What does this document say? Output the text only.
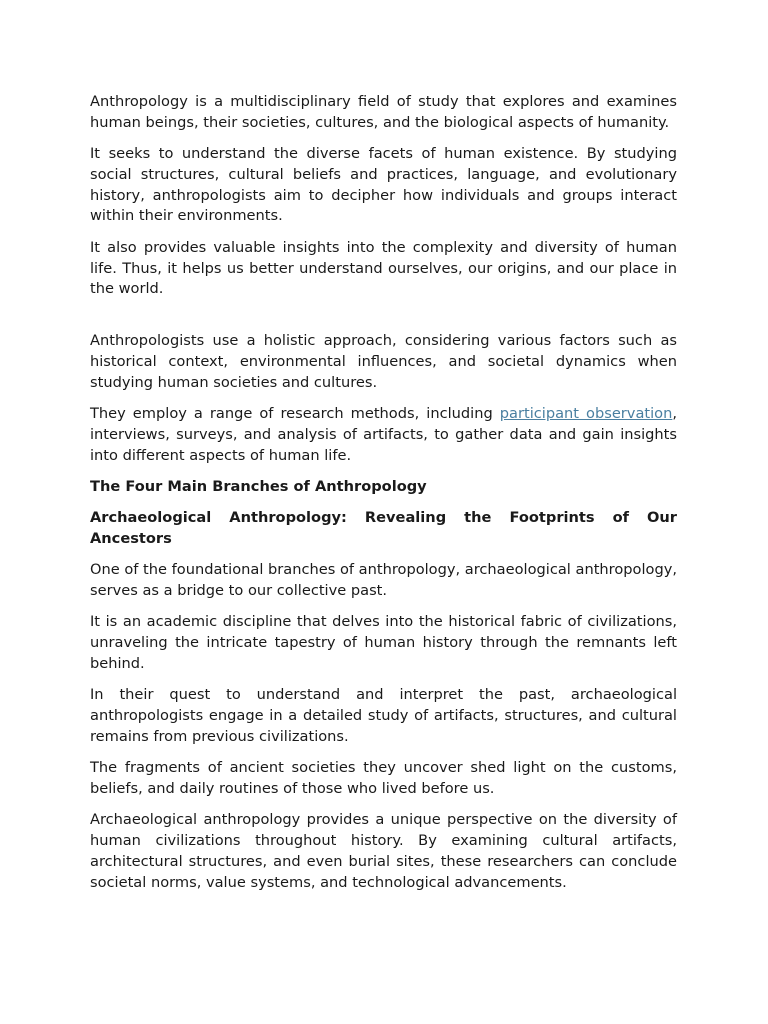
Anthropology is a multidisciplinary field of study that explores and examines human beings, their societies, cultures, and the biological aspects of humanity.

It seeks to understand the diverse facets of human existence. By studying social structures, cultural beliefs and practices, language, and evolutionary history, anthropologists aim to decipher how individuals and groups interact within their environments.

It also provides valuable insights into the complexity and diversity of human life. Thus, it helps us better understand ourselves, our origins, and our place in the world.

Anthropologists use a holistic approach, considering various factors such as historical context, environmental influences, and societal dynamics when studying human societies and cultures.

They employ a range of research methods, including participant observation, interviews, surveys, and analysis of artifacts, to gather data and gain insights into different aspects of human life.

The Four Main Branches of Anthropology
Archaeological Anthropology: Revealing the Footprints of Our Ancestors

One of the foundational branches of anthropology, archaeological anthropology, serves as a bridge to our collective past.

It is an academic discipline that delves into the historical fabric of civilizations, unraveling the intricate tapestry of human history through the remnants left behind.

In their quest to understand and interpret the past, archaeological anthropologists engage in a detailed study of artifacts, structures, and cultural remains from previous civilizations.

The fragments of ancient societies they uncover shed light on the customs, beliefs, and daily routines of those who lived before us.

Archaeological anthropology provides a unique perspective on the diversity of human civilizations throughout history. By examining cultural artifacts, architectural structures, and even burial sites, these researchers can conclude societal norms, value systems, and technological advancements.
